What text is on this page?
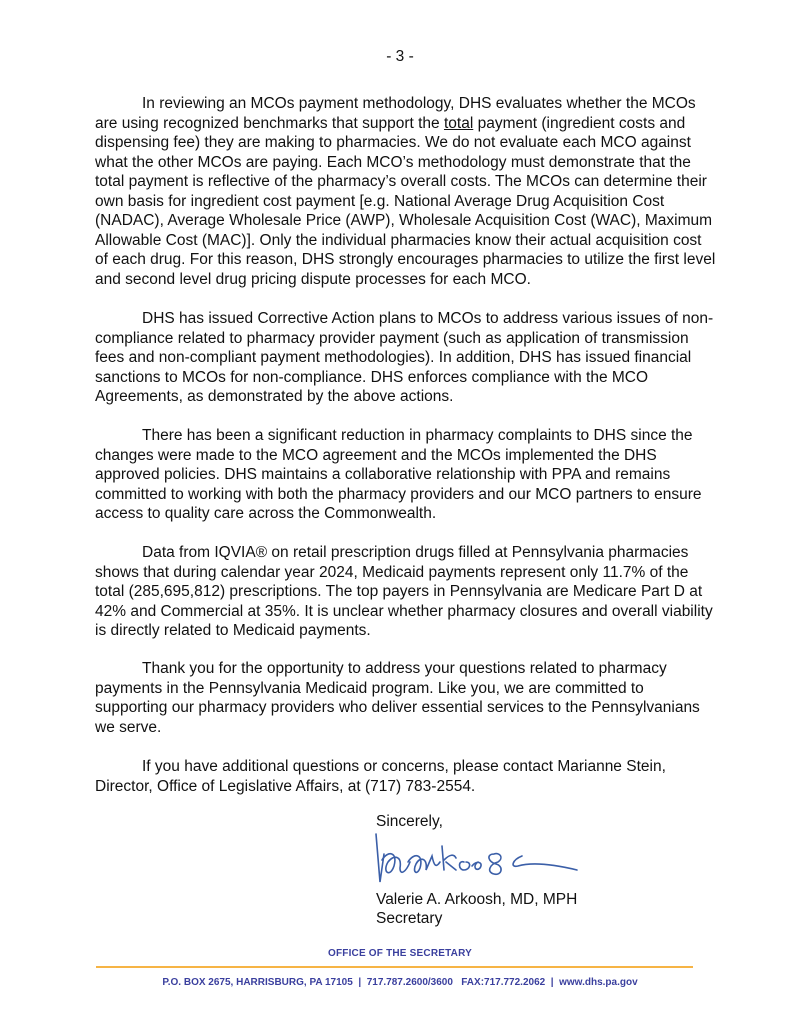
- 3 -
In reviewing an MCOs payment methodology, DHS evaluates whether the MCOs
are using recognized benchmarks that support the total payment (ingredient costs and
dispensing fee) they are making to pharmacies. We do not evaluate each MCO against
what the other MCOs are paying. Each MCO’s methodology must demonstrate that the
total payment is reflective of the pharmacy’s overall costs. The MCOs can determine their
own basis for ingredient cost payment [e.g. National Average Drug Acquisition Cost
(NADAC), Average Wholesale Price (AWP), Wholesale Acquisition Cost (WAC), Maximum
Allowable Cost (MAC)]. Only the individual pharmacies know their actual acquisition cost
of each drug. For this reason, DHS strongly encourages pharmacies to utilize the first level
and second level drug pricing dispute processes for each MCO.
DHS has issued Corrective Action plans to MCOs to address various issues of non-
compliance related to pharmacy provider payment (such as application of transmission
fees and non-compliant payment methodologies). In addition, DHS has issued financial
sanctions to MCOs for non-compliance. DHS enforces compliance with the MCO
Agreements, as demonstrated by the above actions.
There has been a significant reduction in pharmacy complaints to DHS since the
changes were made to the MCO agreement and the MCOs implemented the DHS
approved policies. DHS maintains a collaborative relationship with PPA and remains
committed to working with both the pharmacy providers and our MCO partners to ensure
access to quality care across the Commonwealth.
Data from IQVIA® on retail prescription drugs filled at Pennsylvania pharmacies
shows that during calendar year 2024, Medicaid payments represent only 11.7% of the
total (285,695,812) prescriptions. The top payers in Pennsylvania are Medicare Part D at
42% and Commercial at 35%. It is unclear whether pharmacy closures and overall viability
is directly related to Medicaid payments.
Thank you for the opportunity to address your questions related to pharmacy
payments in the Pennsylvania Medicaid program. Like you, we are committed to
supporting our pharmacy providers who deliver essential services to the Pennsylvanians
we serve.
If you have additional questions or concerns, please contact Marianne Stein,
Director, Office of Legislative Affairs, at (717) 783-2554.
Sincerely,
Valerie A. Arkoosh, MD, MPH
Secretary
OFFICE OF THE SECRETARY
P.O. BOX 2675, HARRISBURG, PA 17105  |  717.787.2600/3600   FAX:717.772.2062  |  www.dhs.pa.gov
